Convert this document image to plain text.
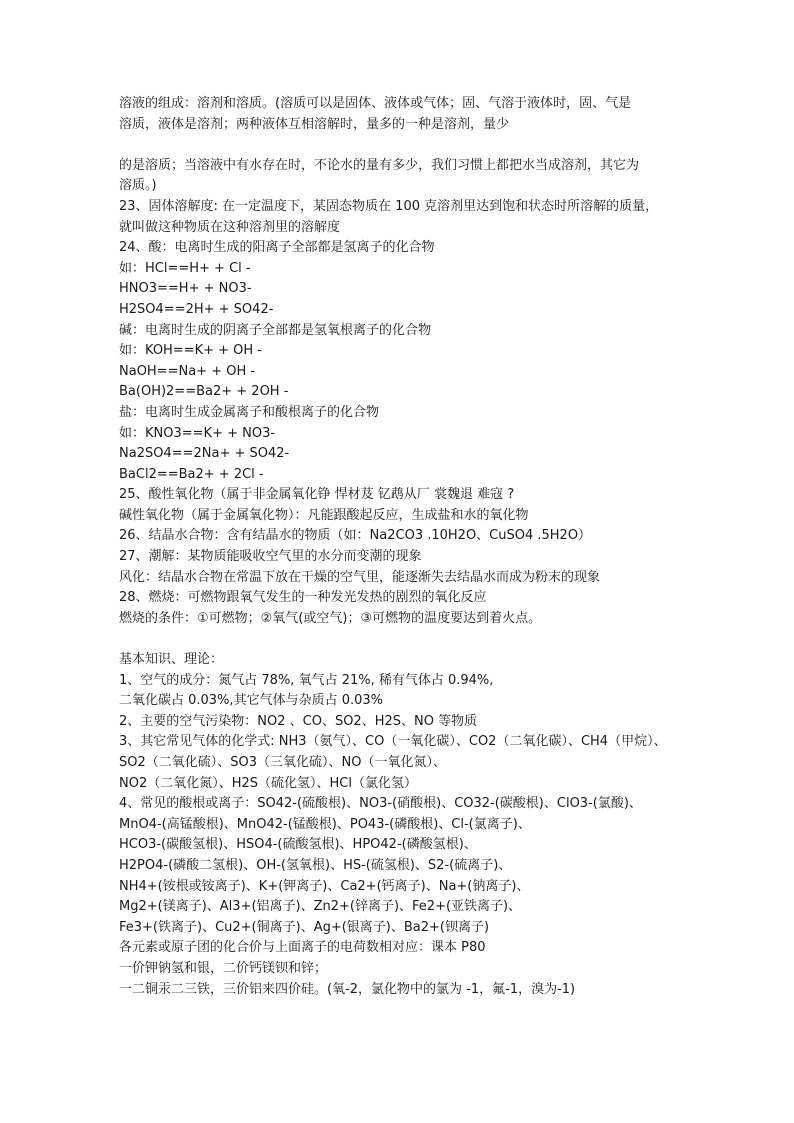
溶液的组成：溶剂和溶质。(溶质可以是固体、液体或气体；固、气溶于液体时，固、气是
溶质，液体是溶剂；两种液体互相溶解时，量多的一种是溶剂，量少
的是溶质；当溶液中有水存在时，不论水的量有多少，我们习惯上都把水当成溶剂，其它为
溶质。)
23、固体溶解度: 在一定温度下，某固态物质在 100 克溶剂里达到饱和状态时所溶解的质量，
就叫做这种物质在这种溶剂里的溶解度
24、酸：电离时生成的阳离子全部都是氢离子的化合物
如：HCl==H+ + Cl -
HNO3==H+ + NO3-
H2SO4==2H+ + SO42-
碱：电离时生成的阴离子全部都是氢氧根离子的化合物
如：KOH==K+ + OH -
NaOH==Na+ + OH -
Ba(OH)2==Ba2+ + 2OH -
盐：电离时生成金属离子和酸根离子的化合物
如：KNO3==K+ + NO3-
Na2SO4==2Na+ + SO42-
BaCl2==Ba2+ + 2Cl -
25、酸性氧化物（属于非金属氧化铮 悍材芨 钇鹉从厂 裳魏退 难寇 ?
碱性氧化物（属于金属氧化物）：凡能跟酸起反应，生成盐和水的氧化物
26、结晶水合物：含有结晶水的物质（如：Na2CO3 .10H2O、CuSO4 .5H2O）
27、潮解：某物质能吸收空气里的水分而变潮的现象
风化：结晶水合物在常温下放在干燥的空气里，能逐渐失去结晶水而成为粉末的现象
28、燃烧：可燃物跟氧气发生的一种发光发热的剧烈的氧化反应
燃烧的条件：①可燃物；②氧气(或空气)；③可燃物的温度要达到着火点。
基本知识、理论：
1、空气的成分：氮气占 78%, 氧气占 21%, 稀有气体占 0.94%,
二氧化碳占 0.03%,其它气体与杂质占 0.03%
2、主要的空气污染物：NO2 、CO、SO2、H2S、NO 等物质
3、其它常见气体的化学式: NH3（氨气）、CO（一氧化碳）、CO2（二氧化碳）、CH4（甲烷）、
SO2（二氧化硫）、SO3（三氧化硫）、NO（一氧化氮）、
NO2（二氧化氮）、H2S（硫化氢）、HCl（氯化氢）
4、常见的酸根或离子：SO42-(硫酸根)、NO3-(硝酸根)、CO32-(碳酸根)、ClO3-(氯酸)、
MnO4-(高锰酸根)、MnO42-(锰酸根)、PO43-(磷酸根)、Cl-(氯离子)、
HCO3-(碳酸氢根)、HSO4-(硫酸氢根)、HPO42-(磷酸氢根)、
H2PO4-(磷酸二氢根)、OH-(氢氧根)、HS-(硫氢根)、S2-(硫离子)、
NH4+(铵根或铵离子)、K+(钾离子)、Ca2+(钙离子)、Na+(钠离子)、
Mg2+(镁离子)、Al3+(铝离子)、Zn2+(锌离子)、Fe2+(亚铁离子)、
Fe3+(铁离子)、Cu2+(铜离子)、Ag+(银离子)、Ba2+(钡离子)
各元素或原子团的化合价与上面离子的电荷数相对应：课本 P80
一价钾钠氢和银，二价钙镁钡和锌；
一二铜汞二三铁，三价铝来四价硅。(氧-2，氯化物中的氯为 -1，氟-1，溴为-1)
